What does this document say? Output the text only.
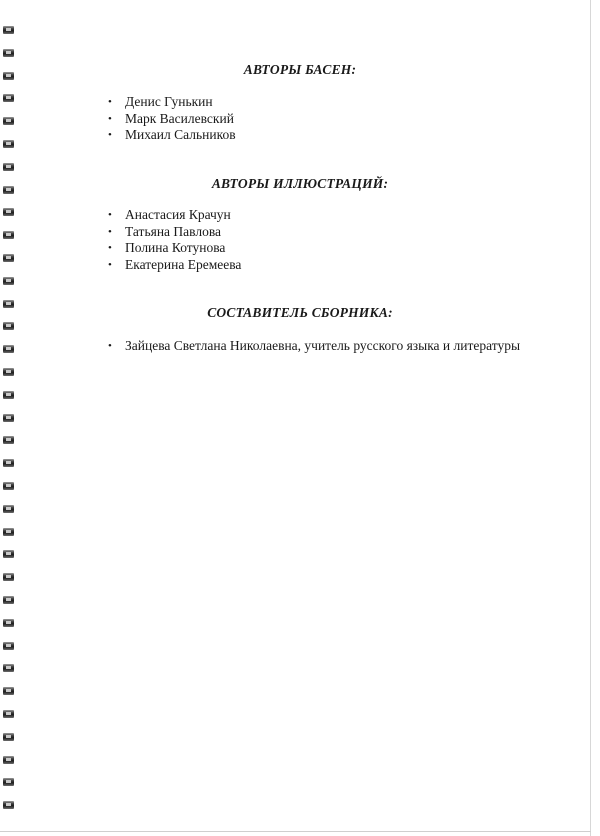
АВТОРЫ БАСЕН:
• Денис Гунькин
• Марк Василевский
• Михаил Сальников
АВТОРЫ ИЛЛЮСТРАЦИЙ:
• Анастасия Крачун
• Татьяна Павлова
• Полина Котунова
• Екатерина Еремеева
СОСТАВИТЕЛЬ СБОРНИКА:
• Зайцева Светлана Николаевна, учитель русского языка и литературы
